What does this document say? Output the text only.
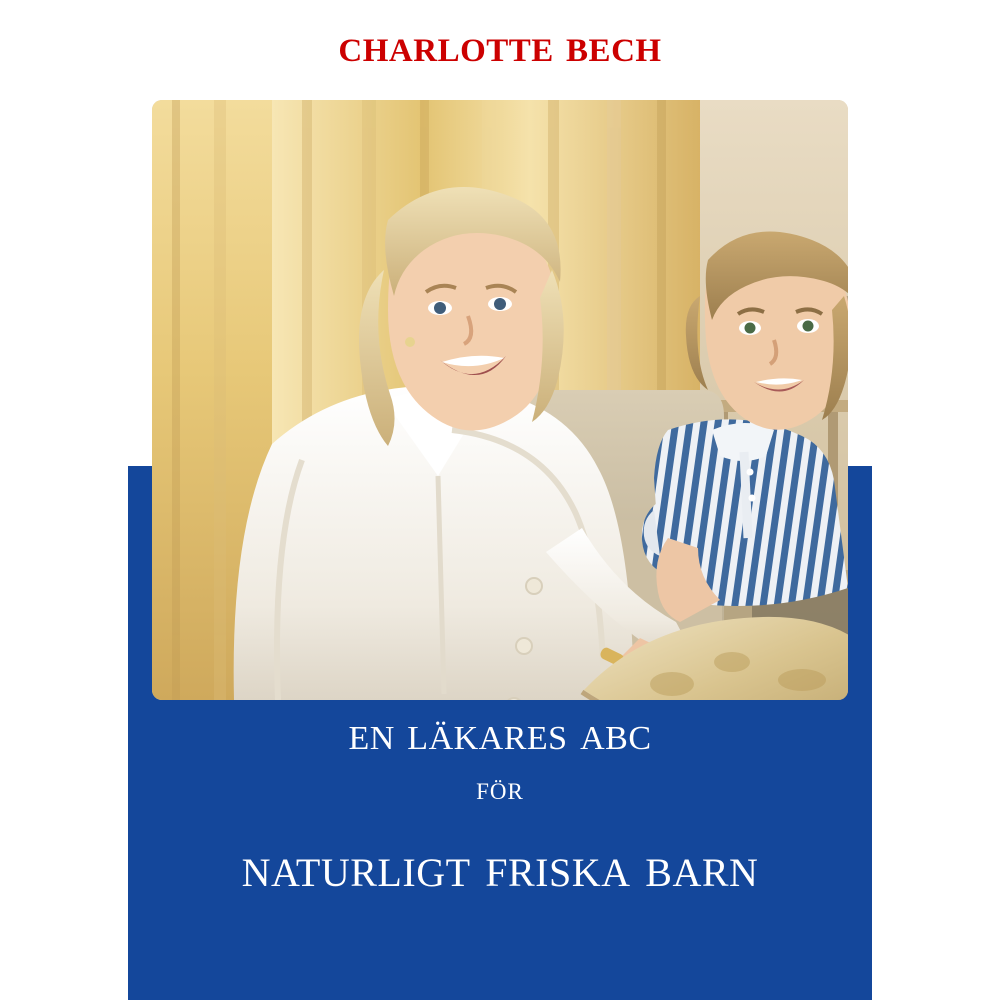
charlotte bech
en läkares abc
för
naturligt friska barn
